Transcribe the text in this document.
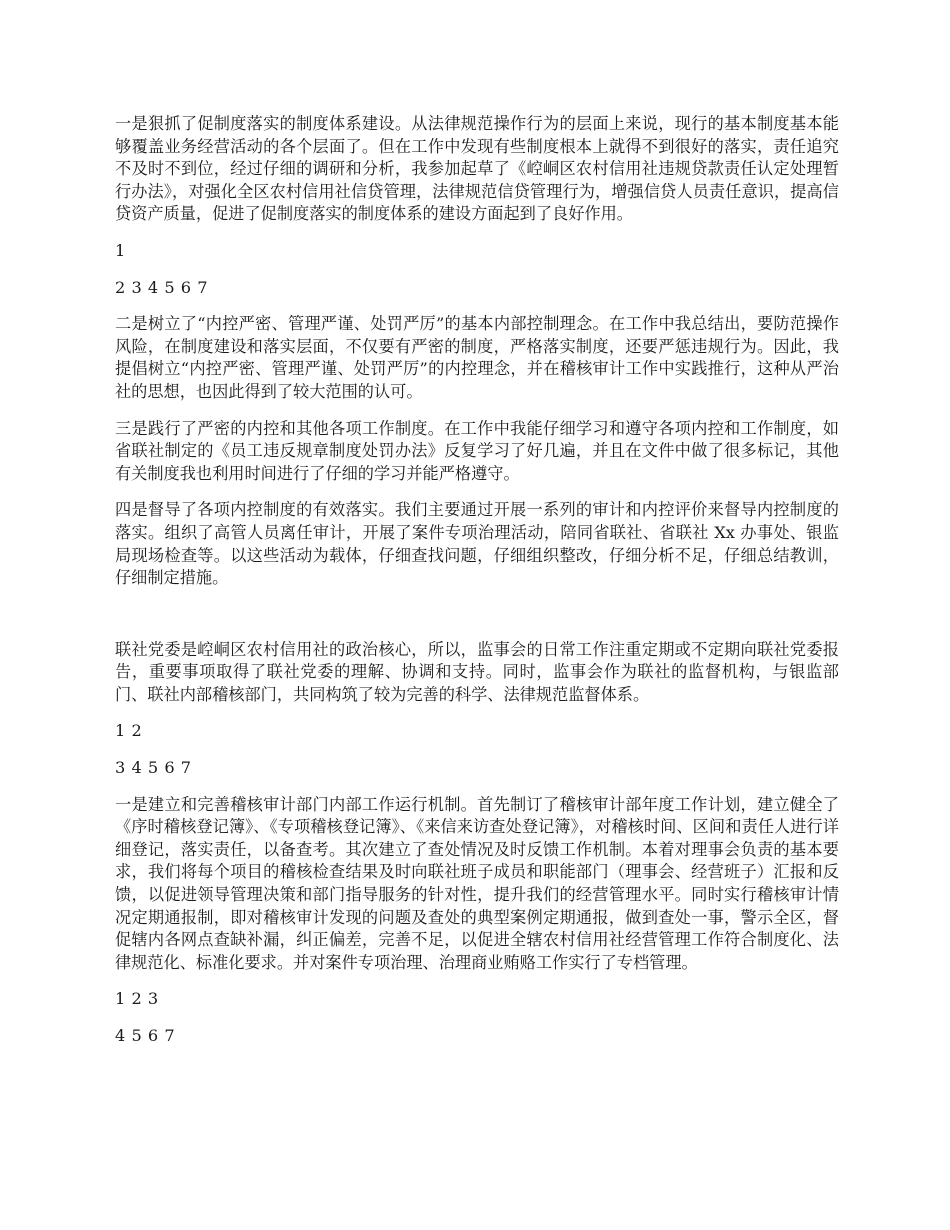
一是狠抓了促制度落实的制度体系建设。从法律规范操作行为的层面上来说，现行的基本制度基本能够覆盖业务经营活动的各个层面了。但在工作中发现有些制度根本上就得不到很好的落实，责任追究不及时不到位，经过仔细的调研和分析，我参加起草了《崆峒区农村信用社违规贷款责任认定处理暂行办法》，对强化全区农村信用社信贷管理，法律规范信贷管理行为，增强信贷人员责任意识，提高信贷资产质量，促进了促制度落实的制度体系的建设方面起到了良好作用。

1

2 3 4 5 6 7

二是树立了“内控严密、管理严谨、处罚严厉”的基本内部控制理念。在工作中我总结出，要防范操作风险，在制度建设和落实层面，不仅要有严密的制度，严格落实制度，还要严惩违规行为。因此，我提倡树立“内控严密、管理严谨、处罚严厉”的内控理念，并在稽核审计工作中实践推行，这种从严治社的思想，也因此得到了较大范围的认可。

三是践行了严密的内控和其他各项工作制度。在工作中我能仔细学习和遵守各项内控和工作制度，如省联社制定的《员工违反规章制度处罚办法》反复学习了好几遍，并且在文件中做了很多标记，其他有关制度我也利用时间进行了仔细的学习并能严格遵守。

四是督导了各项内控制度的有效落实。我们主要通过开展一系列的审计和内控评价来督导内控制度的落实。组织了高管人员离任审计，开展了案件专项治理活动，陪同省联社、省联社 Xx 办事处、银监局现场检查等。以这些活动为载体，仔细查找问题，仔细组织整改，仔细分析不足，仔细总结教训，仔细制定措施。

联社党委是崆峒区农村信用社的政治核心，所以，监事会的日常工作注重定期或不定期向联社党委报告，重要事项取得了联社党委的理解、协调和支持。同时，监事会作为联社的监督机构，与银监部门、联社内部稽核部门，共同构筑了较为完善的科学、法律规范监督体系。

1 2

3 4 5 6 7

一是建立和完善稽核审计部门内部工作运行机制。首先制订了稽核审计部年度工作计划，建立健全了《序时稽核登记簿》、《专项稽核登记簿》、《来信来访查处登记簿》，对稽核时间、区间和责任人进行详细登记，落实责任，以备查考。其次建立了查处情况及时反馈工作机制。本着对理事会负责的基本要求，我们将每个项目的稽核检查结果及时向联社班子成员和职能部门（理事会、经营班子）汇报和反馈，以促进领导管理决策和部门指导服务的针对性，提升我们的经营管理水平。同时实行稽核审计情况定期通报制，即对稽核审计发现的问题及查处的典型案例定期通报，做到查处一事，警示全区，督促辖内各网点查缺补漏，纠正偏差，完善不足，以促进全辖农村信用社经营管理工作符合制度化、法律规范化、标准化要求。并对案件专项治理、治理商业贿赂工作实行了专档管理。

1 2 3

4 5 6 7
